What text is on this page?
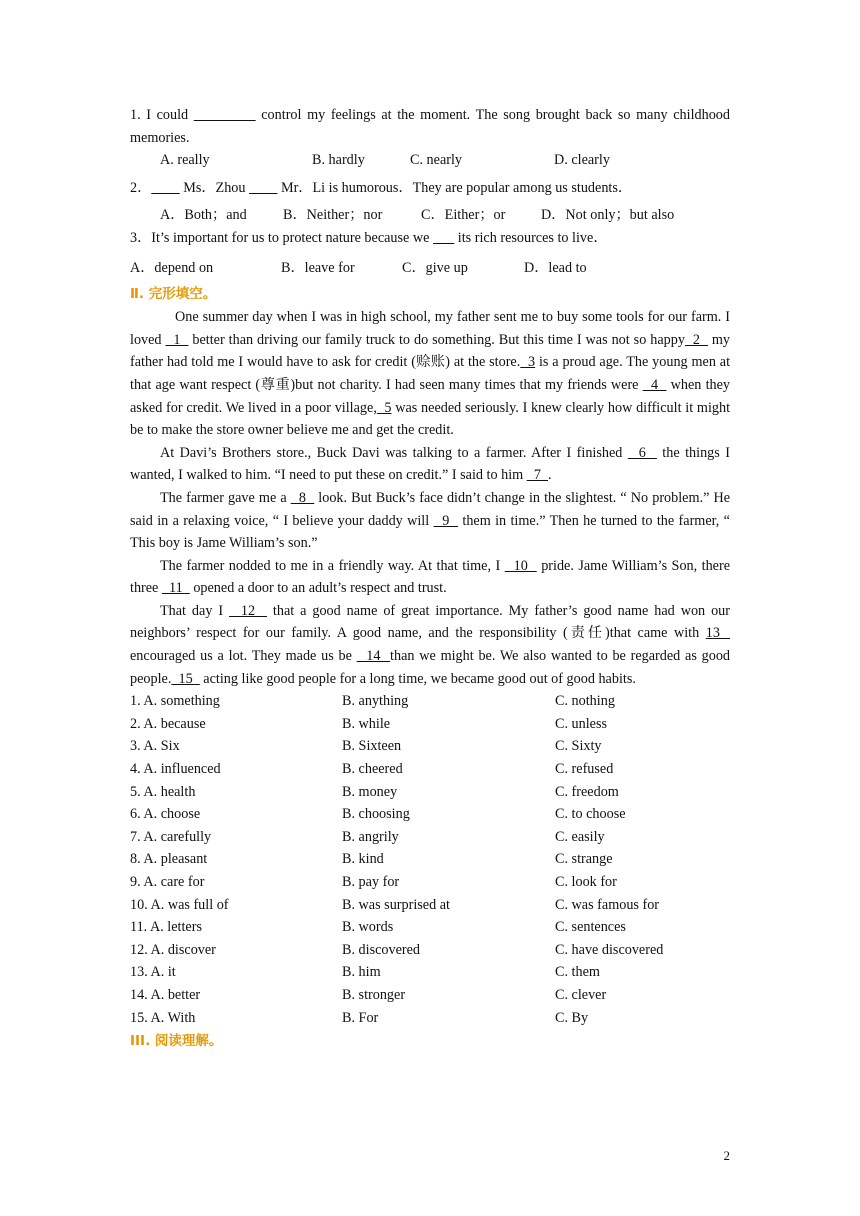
1. I could	control my feelings at the moment. The song brought back so many childhood memories.
A. really	B. hardly	C. nearly	D. clearly
2．         Ms．Zhou          Mr．Li is humorous．They are popular among us students．
A．Both；and	B．Neither；nor	C．Either；or	D．Not only；but also
3．It’s important for us to protect nature because we        its rich resources to live．
A．depend on	B．leave for	C．give up	D．lead to
Ⅱ. 完形填空。
One summer day when I was in high school, my father sent me to buy some tools for our farm. I loved   1   better than driving our family truck to do something. But this time I was not so happy  2   my father had told me I would have to ask for credit (赊账) at the store.  3 is a proud age. The young men at that age want respect (尊重)but not charity. I had seen many times that my friends were   4   when they asked for credit. We lived in a poor village,  5 was needed seriously. I knew clearly how difficult it might be to make the store owner believe me and get the credit.
At Davi’s Brothers store., Buck Davi was talking to a farmer. After I finished   6   the things I wanted, I walked to him. “I need to put these on credit.” I said to him   7  .
The farmer gave me a   8   look. But Buck’s face didn’t change in the slightest. “ No problem.” He said in a relaxing voice, “ I believe your daddy will   9   them in time.” Then he turned to the farmer, “ This boy is Jame William’s son.”
The farmer nodded to me in a friendly way. At that time, I   10   pride. Jame William’s Son, there three   11   opened a door to an adult’s respect and trust.
That day I   12   that a good name of great importance. My father’s good name had won our neighbors’ respect for our family. A good name, and the responsibility (责任)that came with 13   encouraged us a lot. They made us be   14  than we might be. We also wanted to be regarded as good people.  15   acting like good people for a long time, we became good out of good habits.
1. A. something	B. anything	C. nothing
2. A. because	B. while	C. unless
3. A. Six	B. Sixteen	C. Sixty
4. A. influenced	B. cheered	C. refused
5. A. health	B. money	C. freedom
6. A. choose	B. choosing	C. to choose
7. A. carefully	B. angrily	C. easily
8. A. pleasant	B. kind	C. strange
9. A. care for	B. pay for	C. look for
10. A. was full of	B. was surprised at	C. was famous for
11. A. letters	B. words	C. sentences
12. A. discover	B. discovered	C. have discovered
13. A. it	B. him	C. them
14. A. better	B. stronger	C. clever
15. A. With	B. For	C. By
III. 阅读理解。
2
